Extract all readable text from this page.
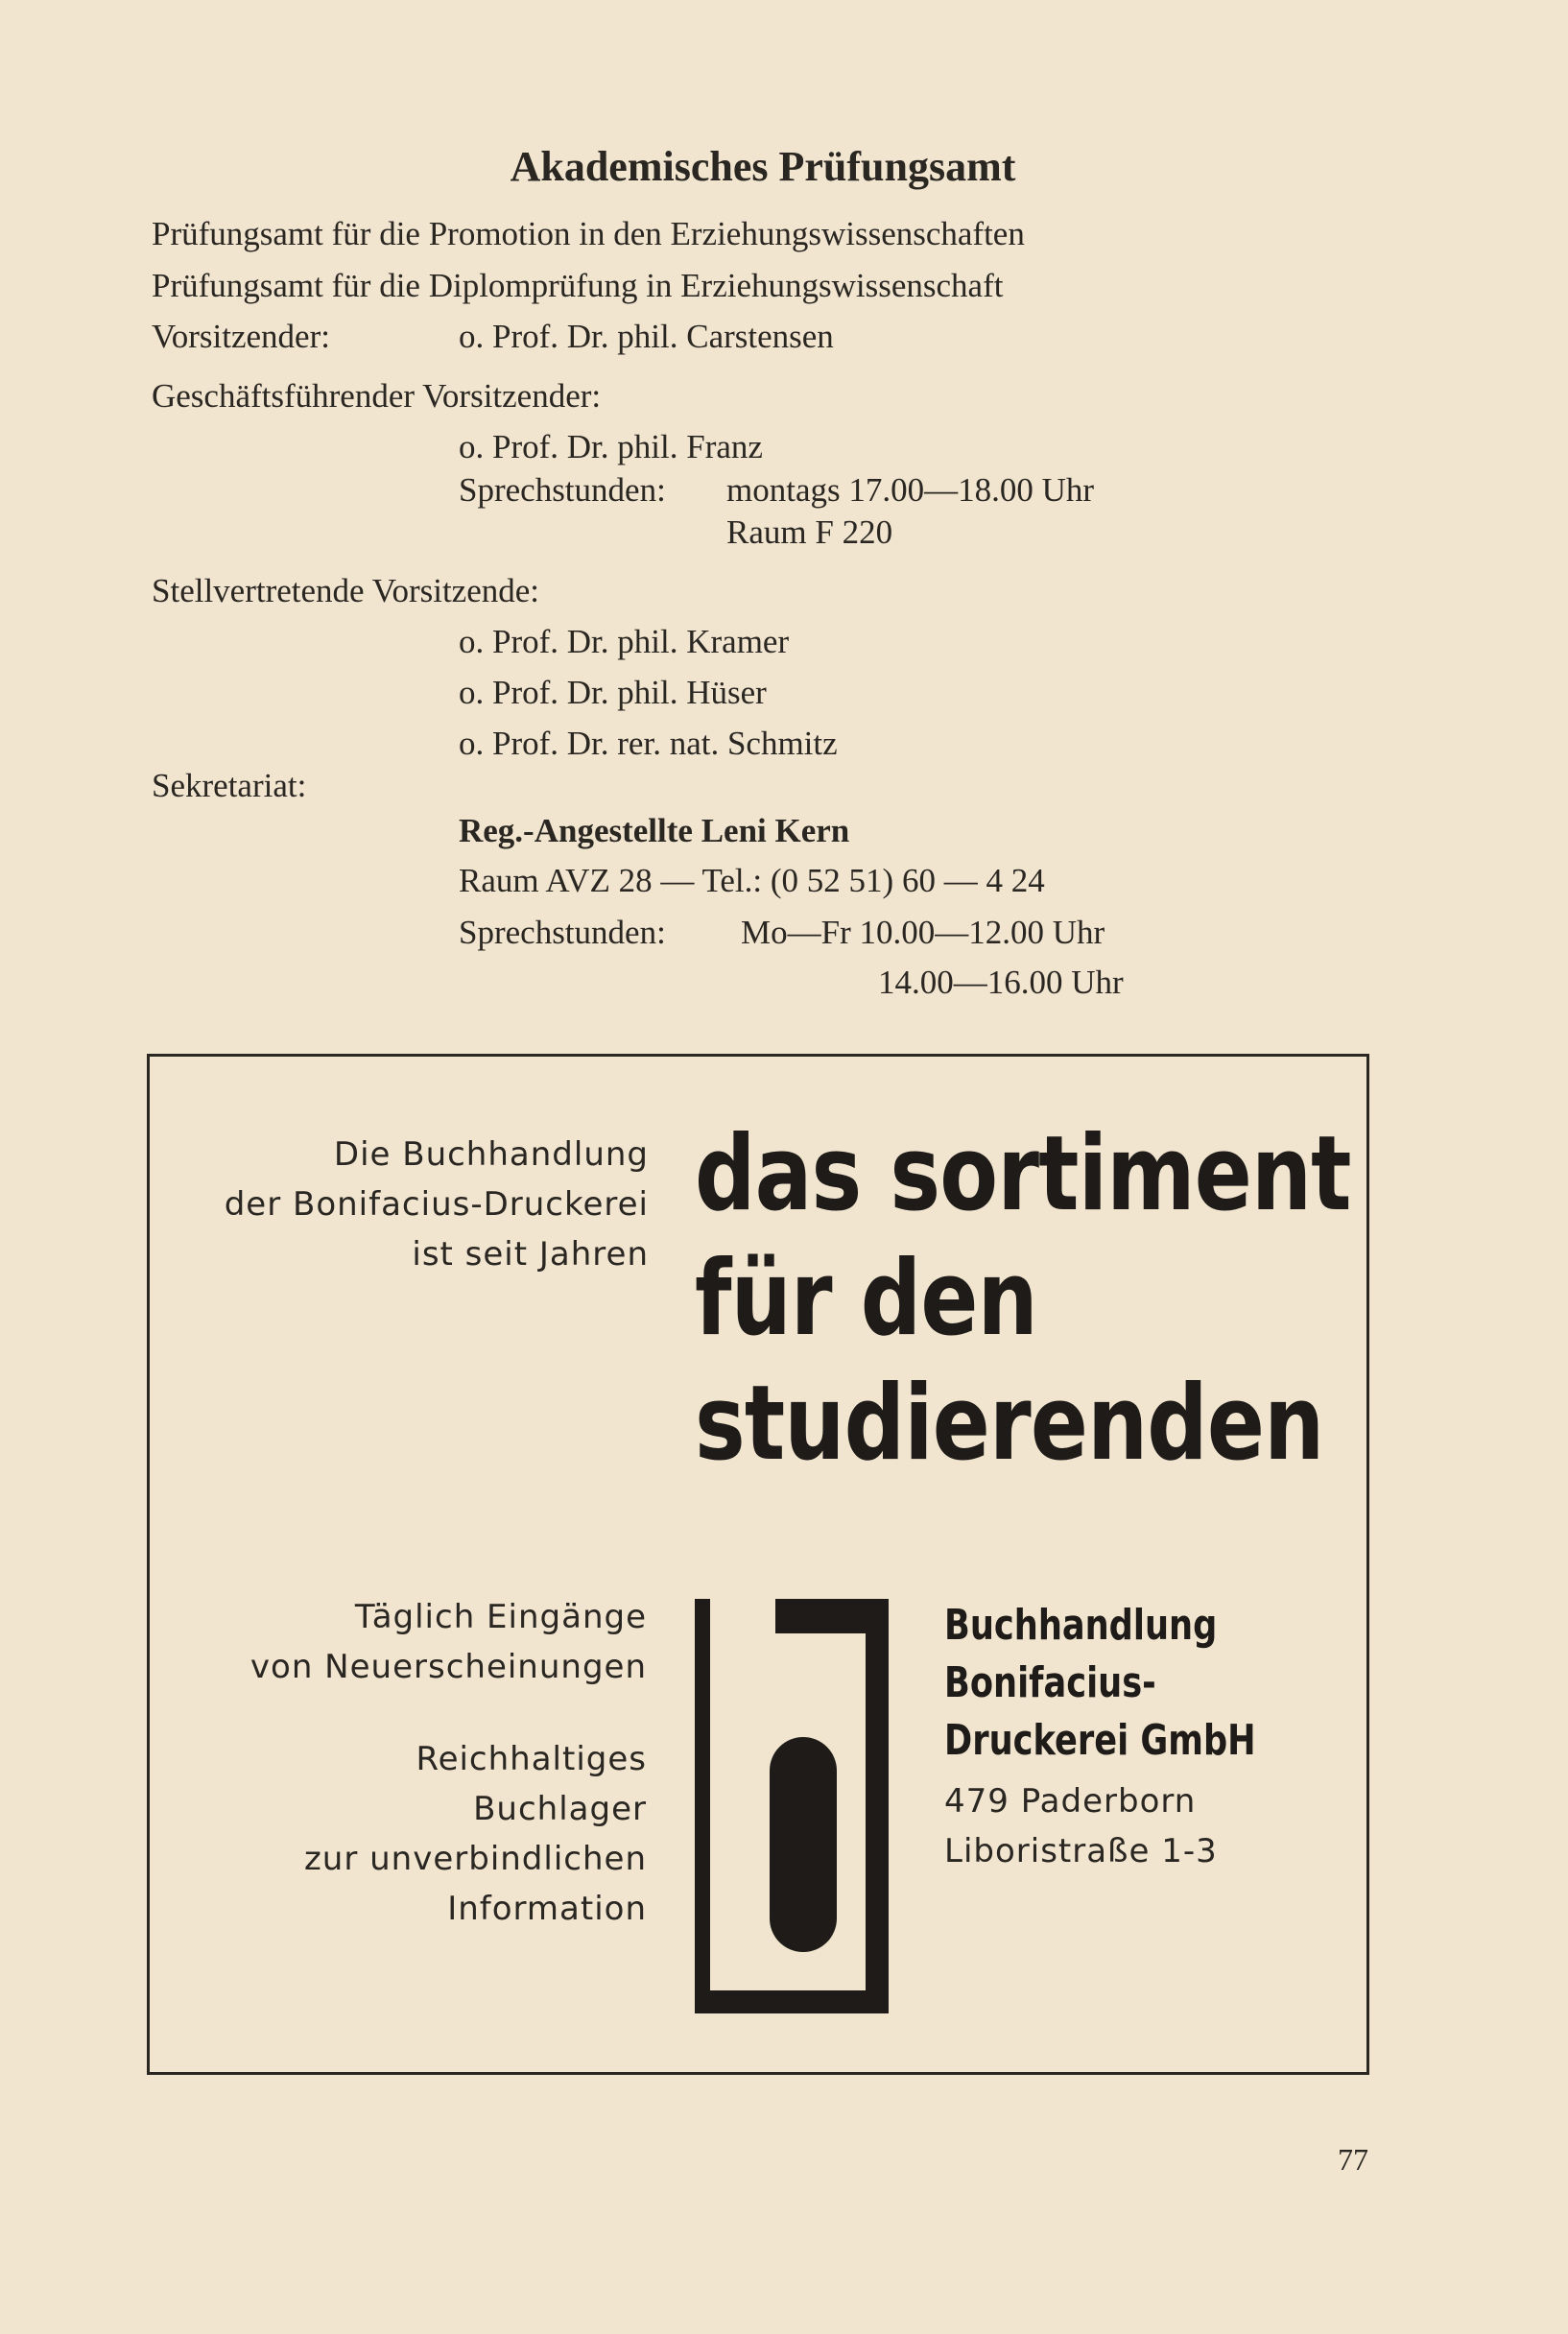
Akademisches Prüfungsamt
Prüfungsamt für die Promotion in den Erziehungswissenschaften
Prüfungsamt für die Diplomprüfung in Erziehungswissenschaft
Vorsitzender:	o. Prof. Dr. phil. Carstensen
Geschäftsführender Vorsitzender:
o. Prof. Dr. phil. Franz
Sprechstunden: montags 17.00—18.00 Uhr
Raum F 220
Stellvertretende Vorsitzende:
o. Prof. Dr. phil. Kramer
o. Prof. Dr. phil. Hüser
o. Prof. Dr. rer. nat. Schmitz
Sekretariat:
Reg.-Angestellte Leni Kern
Raum AVZ 28 — Tel.: (0 52 51) 60 — 4 24
Sprechstunden: Mo—Fr 10.00—12.00 Uhr
14.00—16.00 Uhr
Die Buchhandlung
der Bonifacius-Druckerei
ist seit Jahren
das sortiment
für den
studierenden
Täglich Eingänge
von Neuerscheinungen
Reichhaltiges
Buchlager
zur unverbindlichen
Information
Buchhandlung
Bonifacius-
Druckerei GmbH
479 Paderborn
Liboristraße 1-3
77
